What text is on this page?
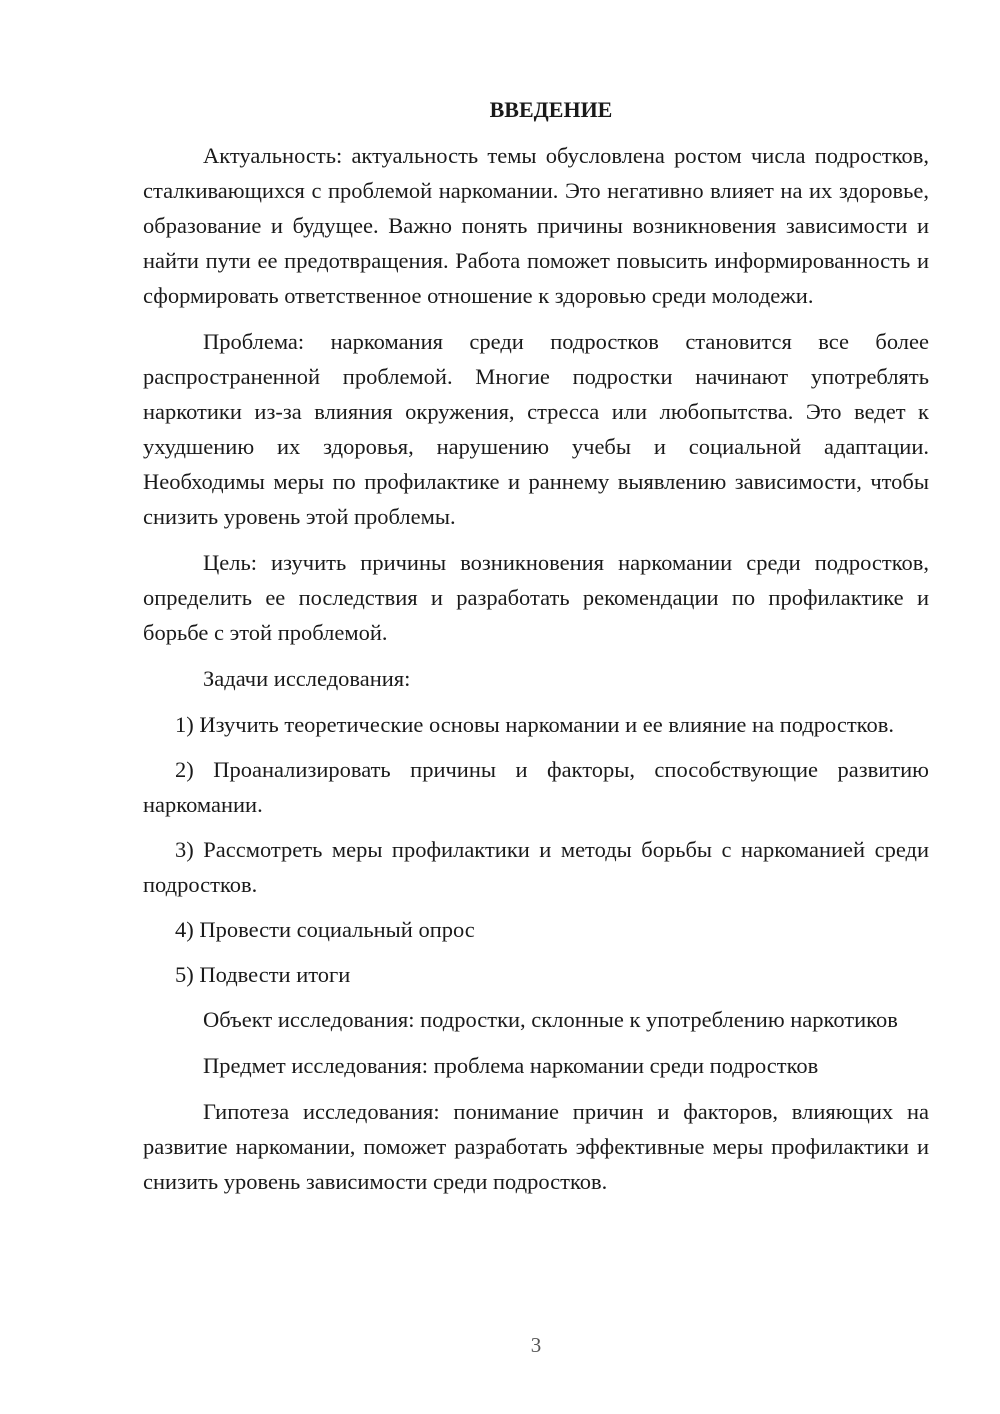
ВВЕДЕНИЕ

Актуальность: актуальность темы обусловлена ростом числа подростков, сталкивающихся с проблемой наркомании. Это негативно влияет на их здоровье, образование и будущее. Важно понять причины возникновения зависимости и найти пути ее предотвращения. Работа поможет повысить информированность и сформировать ответственное отношение к здоровью среди молодежи.

Проблема: наркомания среди подростков становится все более распространенной проблемой. Многие подростки начинают употреблять наркотики из-за влияния окружения, стресса или любопытства. Это ведет к ухудшению их здоровья, нарушению учебы и социальной адаптации. Необходимы меры по профилактике и раннему выявлению зависимости, чтобы снизить уровень этой проблемы.

Цель: изучить причины возникновения наркомании среди подростков, определить ее последствия и разработать рекомендации по профилактике и борьбе с этой проблемой.

Задачи исследования:

1) Изучить теоретические основы наркомании и ее влияние на подростков.

2) Проанализировать причины и факторы, способствующие развитию наркомании.

3) Рассмотреть меры профилактики и методы борьбы с наркоманией среди подростков.

4) Провести социальный опрос

5) Подвести итоги

Объект исследования: подростки, склонные к употреблению наркотиков

Предмет исследования: проблема наркомании среди подростков

Гипотеза исследования: понимание причин и факторов, влияющих на развитие наркомании, поможет разработать эффективные меры профилактики и снизить уровень зависимости среди подростков.

3
